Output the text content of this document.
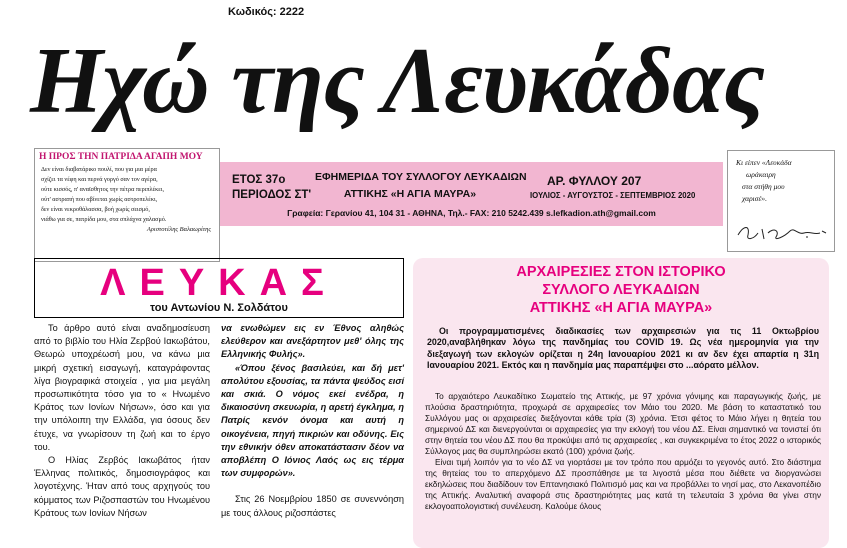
Κωδικός: 2222
Ηχώ της Λευκάδας
Η ΠΡΟΣ ΤΗΝ ΠΑΤΡΙΔΑ ΑΓΑΠΗ ΜΟΥ
Δεν είναι διαβατάρικο πουλί, που για μια μέρα
σχίζει τα νέφη και περνά γοργό σαν τον αγέρα,
ούτε κισσός, π' αναϊσθητος την πέτρα περιπλέκει,
ούτ' αστραπή που αβίνεται χωρίς αστροπελέκι,
δεν είναι νεκροθάλασσα, βοή χωρίς σεισμό,
νιάθω για σε, πατρίδα μου, στα σπλάχνα χαλασμό.
Αριστοτέλης Βαλαωρίτης
ΕΤΟΣ 37ο
ΠΕΡΙΟΔΟΣ ΣΤ'
ΕΦΗΜΕΡΙΔΑ ΤΟΥ ΣΥΛΛΟΓΟΥ ΛΕΥΚΑΔΙΩΝ
ΑΤΤΙΚΗΣ «Η ΑΓΙΑ ΜΑΥΡΑ»
ΑΡ. ΦΥΛΛΟΥ 207
ΙΟΥΛΙΟΣ - ΑΥΓΟΥΣΤΟΣ - ΣΕΠΤΕΜΒΡΙΟΣ 2020
Γραφεία: Γερανίου 41, 104 31 - ΑΘΗΝΑ, Τηλ.- FAX: 210 5242.439 s.lefkadion.ath@gmail.com
Κι είπεν «Λευκάδα
ωράκαιρη
στα στήθη μου
χαρισέ».
ΛΕΥΚΑΣ
του Αντωνίου Ν. Σολδάτου

Το άρθρο αυτό είναι αναδημοσίευση από το βιβλίο του Ηλία Ζερβού Ιακωβάτου, Θεωρώ υποχρέωσή μου, να κάνω μια μικρή σχετική εισαγωγή, καταγράφοντας λίγα βιογραφικά στοιχεία , για μια μεγάλη προσωπικότητα τόσο για το « Ηνωμένο Κράτος των Ιονίων Νήσων», όσο και για την υπόλοιπη την Ελλάδα, για όσους δεν έτυχε, να γνωρίσουν τη ζωή και το έργο του.

Ο Ηλίας Ζερβός Ιακωβάτος ήταν Έλληνας πολιτικός, δημοσιογράφος και λογοτέχνης. Ήταν από τους αρχηγούς του κόμματος των Ριζοσπαστών του Ηνωμένου Κράτους των Ιονίων Νήσων

να ενωθώμεν εις εν Έθνος αληθώς ελεύθερον και ανεξάρτητον μεθ' όλης της Ελληνικής Φυλής».

«Όπου ξένος βασιλεύει, και δή μετ' απολύτου εξουσίας, τα πάντα ψεύδος εισί και σκιά. Ο νόμος εκεί ενέδρα, η δικαιοσύνη σκευωρία, η αρετή έγκλημα, η Πατρίς κενόν όνομα και αυτή η οικογένεια, πηγή πικριών και οδύνης. Εις την εθνικήν όθεν αποκατάστασιν δέον να αποβλέπη Ο Ιόνιος Λαός ως εις τέρμα των συμφορών».

Στις 26 Νοεμβρίου 1850 σε συνεννόηση με τους άλλους ριζοσπάστες

ΑΡΧΑΙΡΕΣΙΕΣ ΣΤΟΝ ΙΣΤΟΡΙΚΟ
ΣΥΛΛΟΓΟ ΛΕΥΚΑΔΙΩΝ
ΑΤΤΙΚΗΣ «Η ΑΓΙΑ ΜΑΥΡΑ»
Οι προγραμματισμένες διαδικασίες των αρχαιρεσιών για τις 11 Οκτωβρίου 2020,αναβλήθηκαν λόγω της πανδημίας του COVID 19. Ως νέα ημερομηνία για την διεξαγωγή των εκλογών ορίζεται η 24η Ιανουαρίου 2021 κι αν δεν έχει απαρτία η 31η Ιανουαρίου 2021. Εκτός και η πανδημία μας παραπέμψει στο ...αόρατο μέλλον.

Το αρχαιότερο Λευκαδίτικο Σωματείο της Αττικής, με 97 χρόνια γόνιμης και παραγωγικής ζωής, με πλούσια δραστηριότητα, προχωρά σε αρχαιρεσίες τον Μάιο του 2020. Με βάση το καταστατικό του Συλλόγου μας οι αρχαιρεσίες διεξάγονται κάθε τρία (3) χρόνια. Έτσι φέτος το Μάιο λήγει η θητεία του σημερινού ΔΣ και διενεργούνται οι αρχαιρεσίες για την εκλογή του νέου ΔΣ. Είναι σημαντικό να τονιστεί ότι στην θητεία του νέου ΔΣ που θα προκύψει από τις αρχαιρεσίες , και συγκεκριμένα το έτος 2022 ο ιστορικός Σύλλογος μας θα συμπληρώσει εκατό (100) χρόνια ζωής.

Είναι τιμή λοιπόν για το νέο ΔΣ να γιορτάσει με τον τρόπο που αρμόζει το γεγονός αυτό. Στο διάστημα της θητείας του το απερχόμενο ΔΣ προσπάθησε με τα λιγοστά μέσα που διέθετε να διοργανώσει εκδηλώσεις που διαδίδουν τον Επτανησιακό Πολιτισμό μας και να προβάλλει το νησί μας, στο Λεκανοπέδιο της Αττικής. Αναλυτική αναφορά στις δραστηριότητες μας κατά τη τελευταία 3 χρόνια θα γίνει στην εκλογοαπολογιστική συνέλευση. Καλούμε όλους
